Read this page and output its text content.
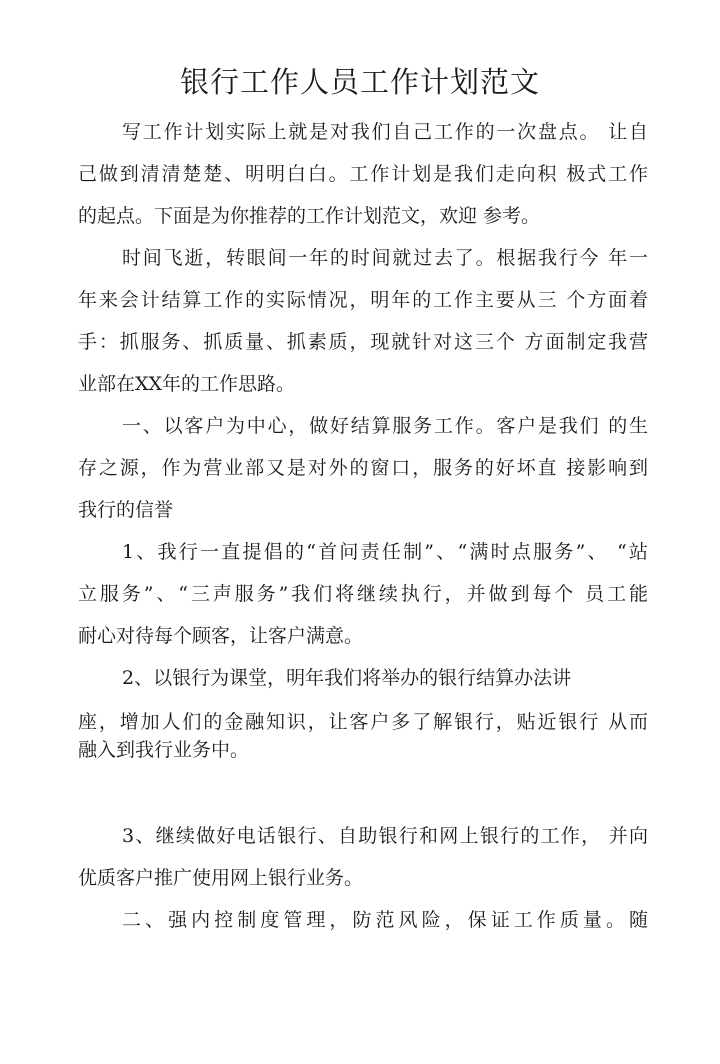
银行工作人员工作计划范文
写工作计划实际上就是对我们自己工作的一次盘点。 让自
己做到清清楚楚、明明白白。工作计划是我们走向积 极式工作
的起点。下面是为你推荐的工作计划范文，欢迎 参考。
时间飞逝，转眼间一年的时间就过去了。根据我行今 年一
年来会计结算工作的实际情况，明年的工作主要从三 个方面着
手：抓服务、抓质量、抓素质，现就针对这三个 方面制定我营
业部在XX年的工作思路。
一、以客户为中心，做好结算服务工作。客户是我们 的生
存之源，作为营业部又是对外的窗口，服务的好坏直 接影响到
我行的信誉
1、我行一直提倡的“首问责任制”、“满时点服务”、 “站
立服务”、“三声服务”我们将继续执行，并做到每个 员工能
耐心对待每个顾客，让客户满意。
2、以银行为课堂，明年我们将举办的银行结算办法讲
座，增加人们的金融知识，让客户多了解银行，贴近银行 从而
融入到我行业务中。
3、继续做好电话银行、自助银行和网上银行的工作， 并向
优质客户推广使用网上银行业务。
二、强内控制度管理，防范风险，保证工作质量。随
